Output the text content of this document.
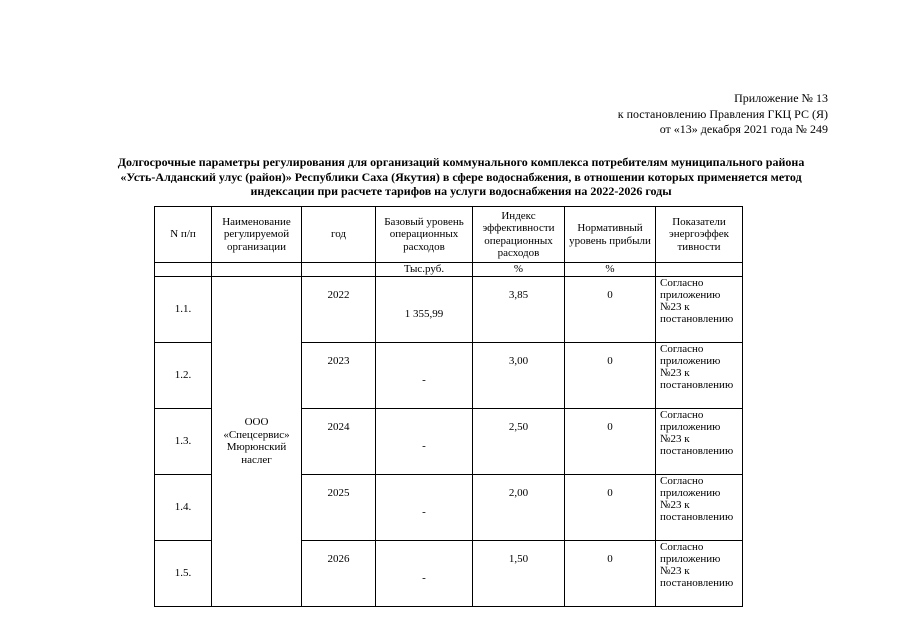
Приложение № 13
к постановлению Правления ГКЦ РС (Я)
от «13» декабря 2021 года № 249
Долгосрочные параметры регулирования для организаций коммунального комплекса потребителям муниципального района
«Усть-Алданский улус (район)» Республики Саха (Якутия) в сфере водоснабжения, в отношении которых применяется метод
индексации при расчете тарифов на услуги водоснабжения на 2022-2026 годы
N п/п	Наименование регулируемой организации	год	Базовый уровень операционных расходов	Индекс эффективности операционных расходов	Нормативный уровень прибыли	Показатели энергоэффек тивности
			Тыс.руб.	%	%	
1.1.	ООО «Спецсервис» Мюрюнский наслег	2022	1 355,99	3,85	0	Согласно приложению №23 к постановлению
1.2.		2023	-	3,00	0	Согласно приложению №23 к постановлению
1.3.		2024	-	2,50	0	Согласно приложению №23 к постановлению
1.4.		2025	-	2,00	0	Согласно приложению №23 к постановлению
1.5.		2026	-	1,50	0	Согласно приложению №23 к постановлению
